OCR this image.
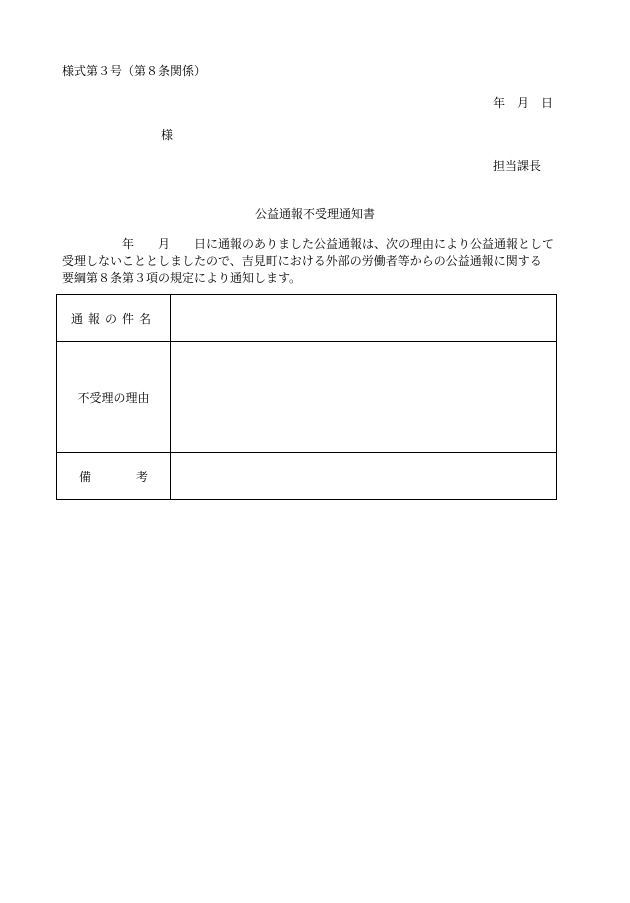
様式第３号（第８条関係）
年　月　日
様
担当課長
公益通報不受理通知書
年　　月　　日に通報のありました公益通報は、次の理由により公益通報として
受理しないこととしましたので、吉見町における外部の労働者等からの公益通報に関する
要綱第８条第３項の規定により通知します。
通報の件名	
不受理の理由	

備 考	
